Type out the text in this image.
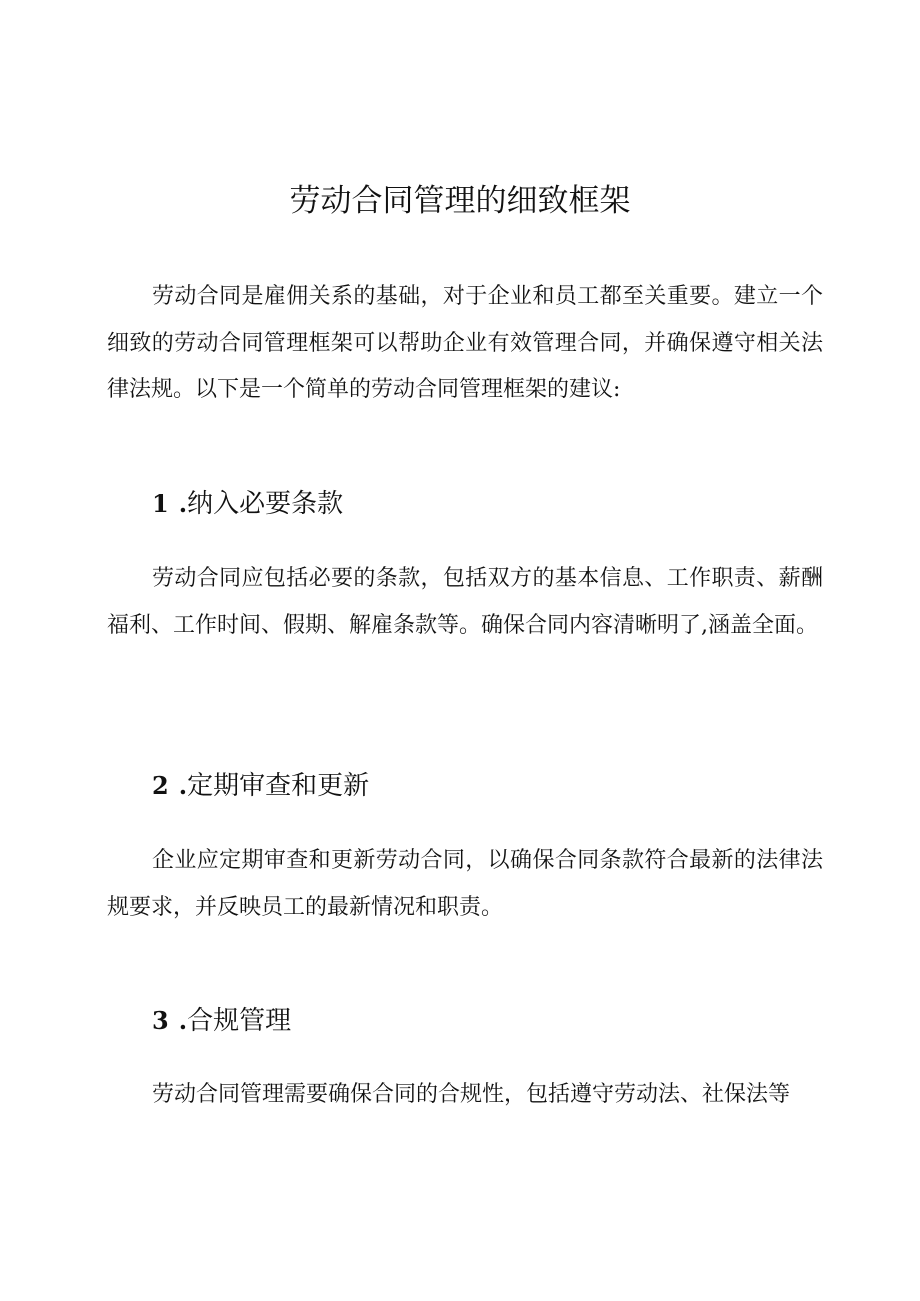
劳动合同管理的细致框架

劳动合同是雇佣关系的基础，对于企业和员工都至关重要。建立一个细致的劳动合同管理框架可以帮助企业有效管理合同，并确保遵守相关法律法规。以下是一个简单的劳动合同管理框架的建议:

1 .纳入必要条款

劳动合同应包括必要的条款，包括双方的基本信息、工作职责、薪酬福利、工作时间、假期、解雇条款等。确保合同内容清晰明了,涵盖全面。

2 .定期审查和更新

企业应定期审查和更新劳动合同，以确保合同条款符合最新的法律法规要求，并反映员工的最新情况和职责。

3 .合规管理

劳动合同管理需要确保合同的合规性，包括遵守劳动法、社保法等
